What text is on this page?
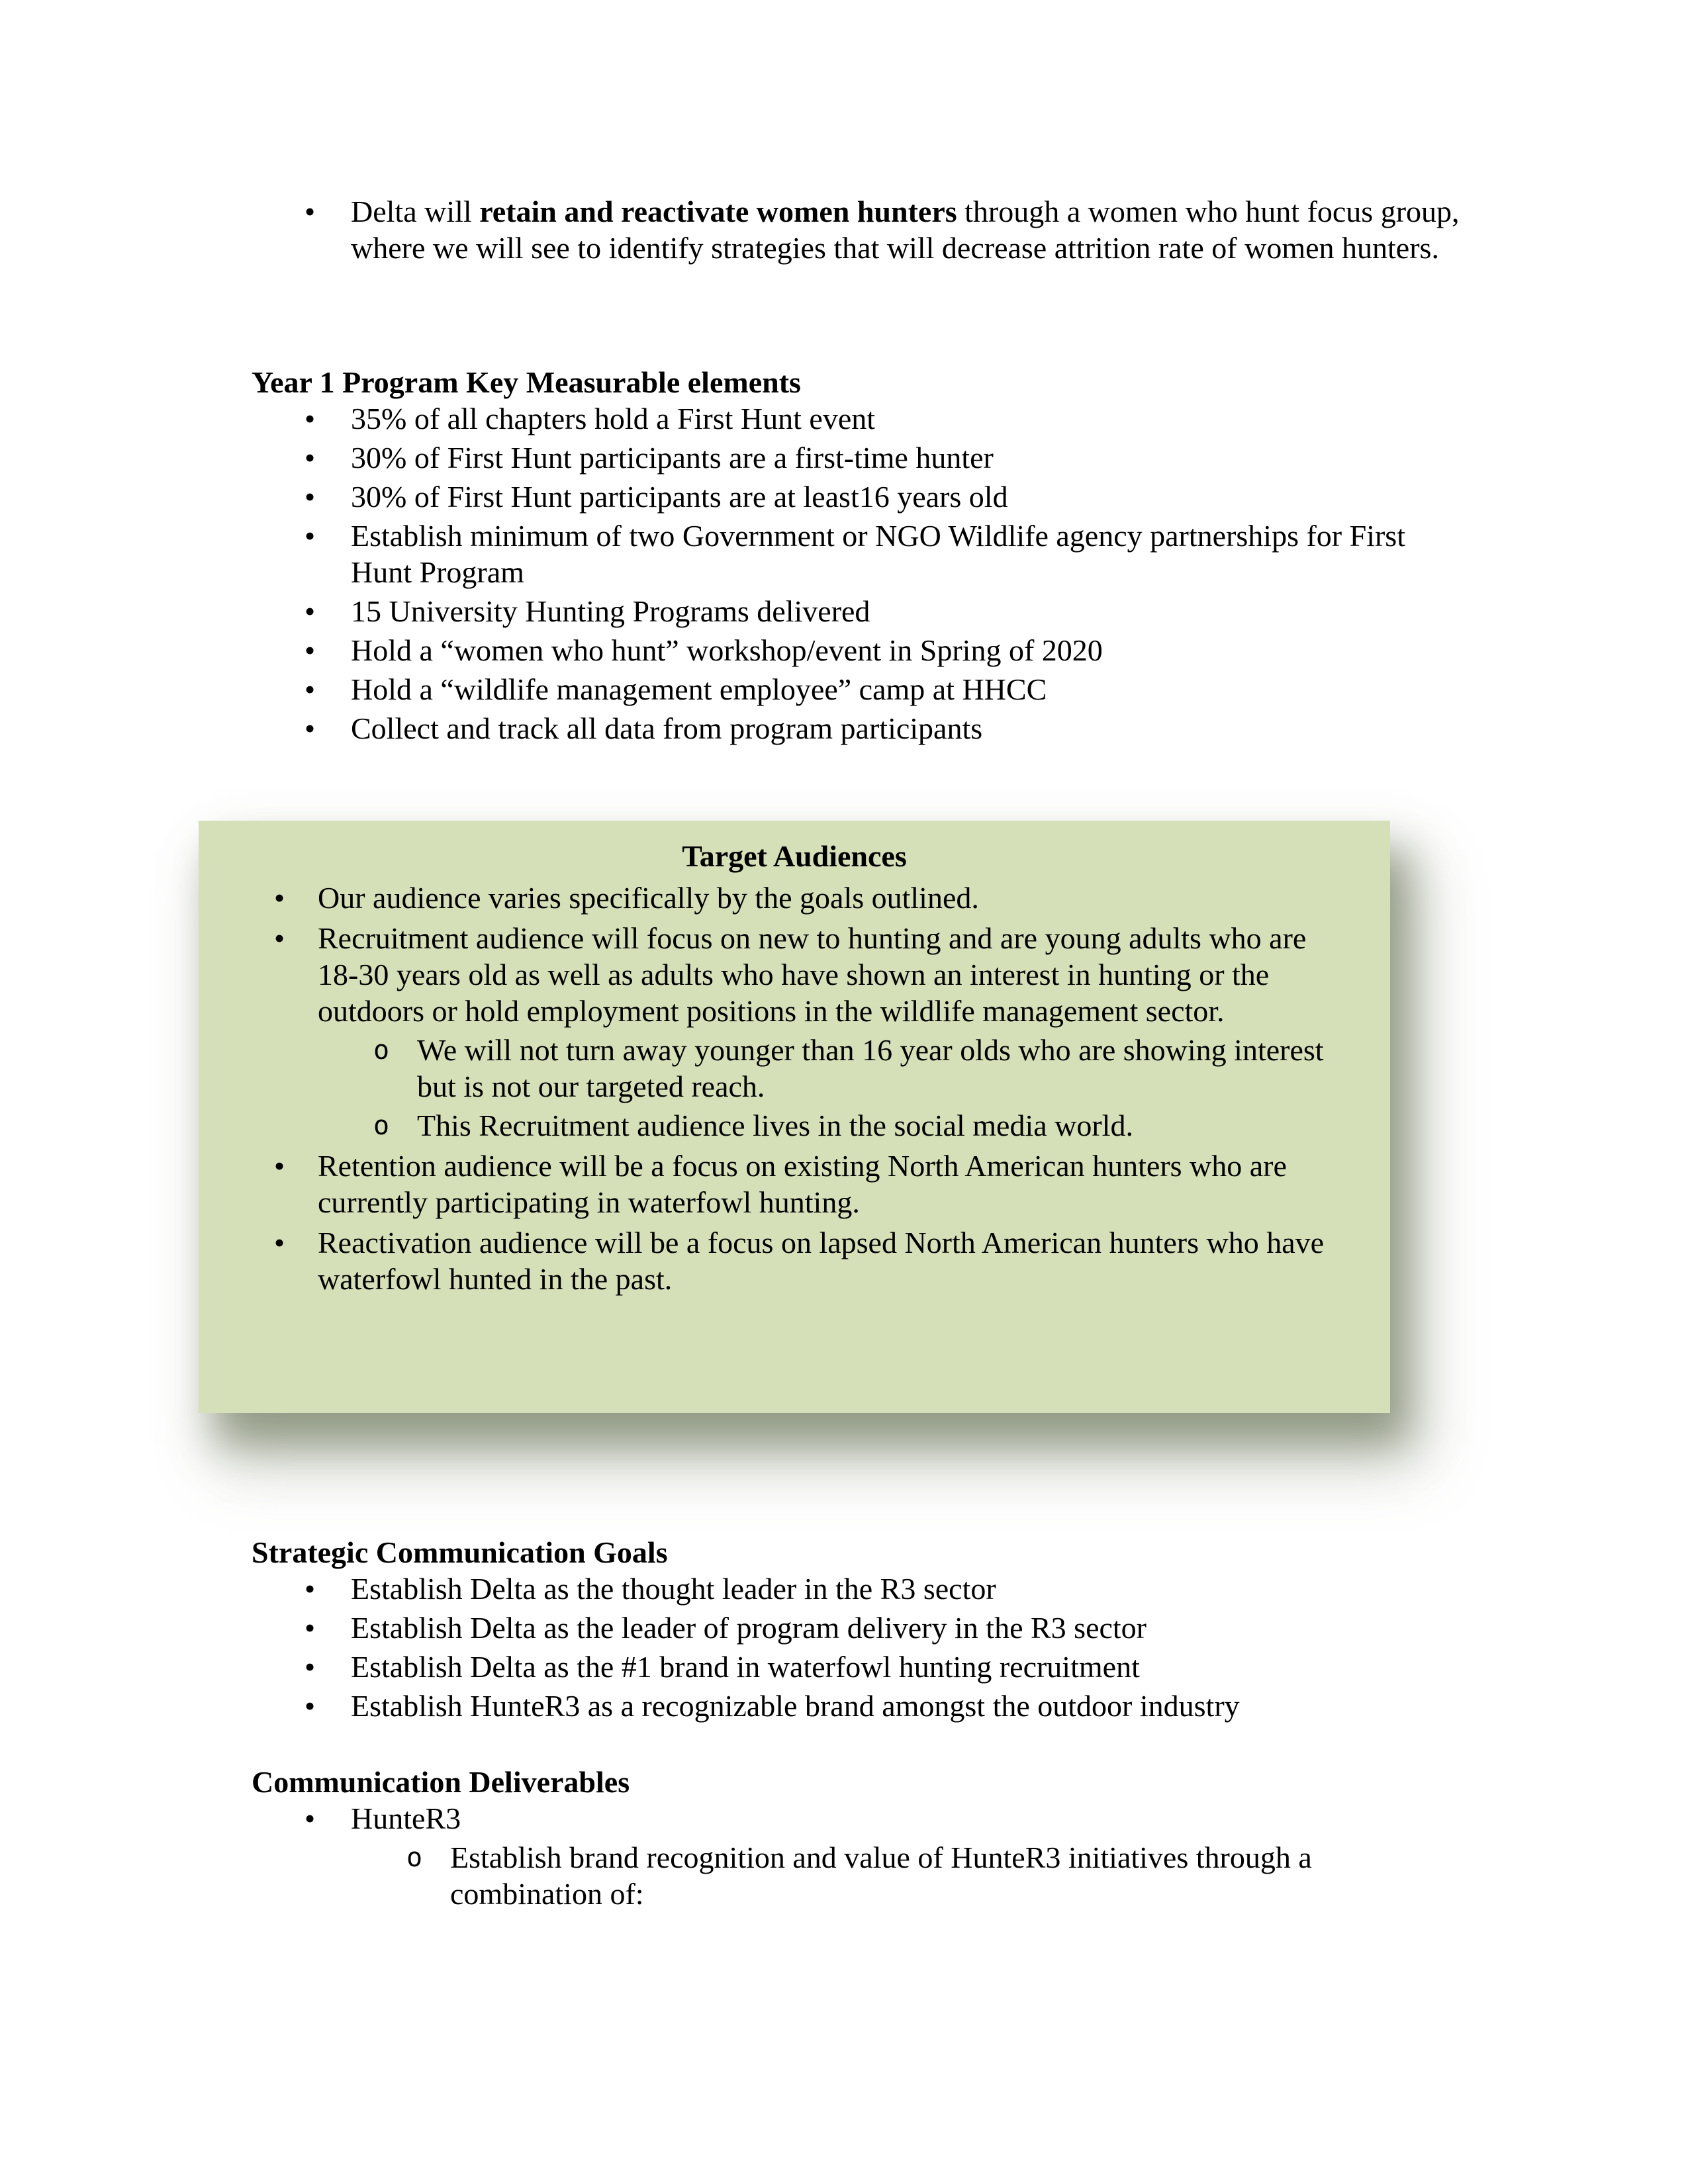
• Delta will retain and reactivate women hunters through a women who hunt focus group, where we will see to identify strategies that will decrease attrition rate of women hunters.
Year 1 Program Key Measurable elements
• 35% of all chapters hold a First Hunt event
• 30% of First Hunt participants are a first-time hunter
• 30% of First Hunt participants are at least16 years old
• Establish minimum of two Government or NGO Wildlife agency partnerships for First Hunt Program
• 15 University Hunting Programs delivered
• Hold a “women who hunt” workshop/event in Spring of 2020
• Hold a “wildlife management employee” camp at HHCC
• Collect and track all data from program participants
Target Audiences
• Our audience varies specifically by the goals outlined.
• Recruitment audience will focus on new to hunting and are young adults who are 18-30 years old as well as adults who have shown an interest in hunting or the outdoors or hold employment positions in the wildlife management sector.
o We will not turn away younger than 16 year olds who are showing interest but is not our targeted reach.
o This Recruitment audience lives in the social media world.
• Retention audience will be a focus on existing North American hunters who are currently participating in waterfowl hunting.
• Reactivation audience will be a focus on lapsed North American hunters who have waterfowl hunted in the past.
Strategic Communication Goals
• Establish Delta as the thought leader in the R3 sector
• Establish Delta as the leader of program delivery in the R3 sector
• Establish Delta as the #1 brand in waterfowl hunting recruitment
• Establish HunteR3 as a recognizable brand amongst the outdoor industry
Communication Deliverables
• HunteR3
o Establish brand recognition and value of HunteR3 initiatives through a combination of:
